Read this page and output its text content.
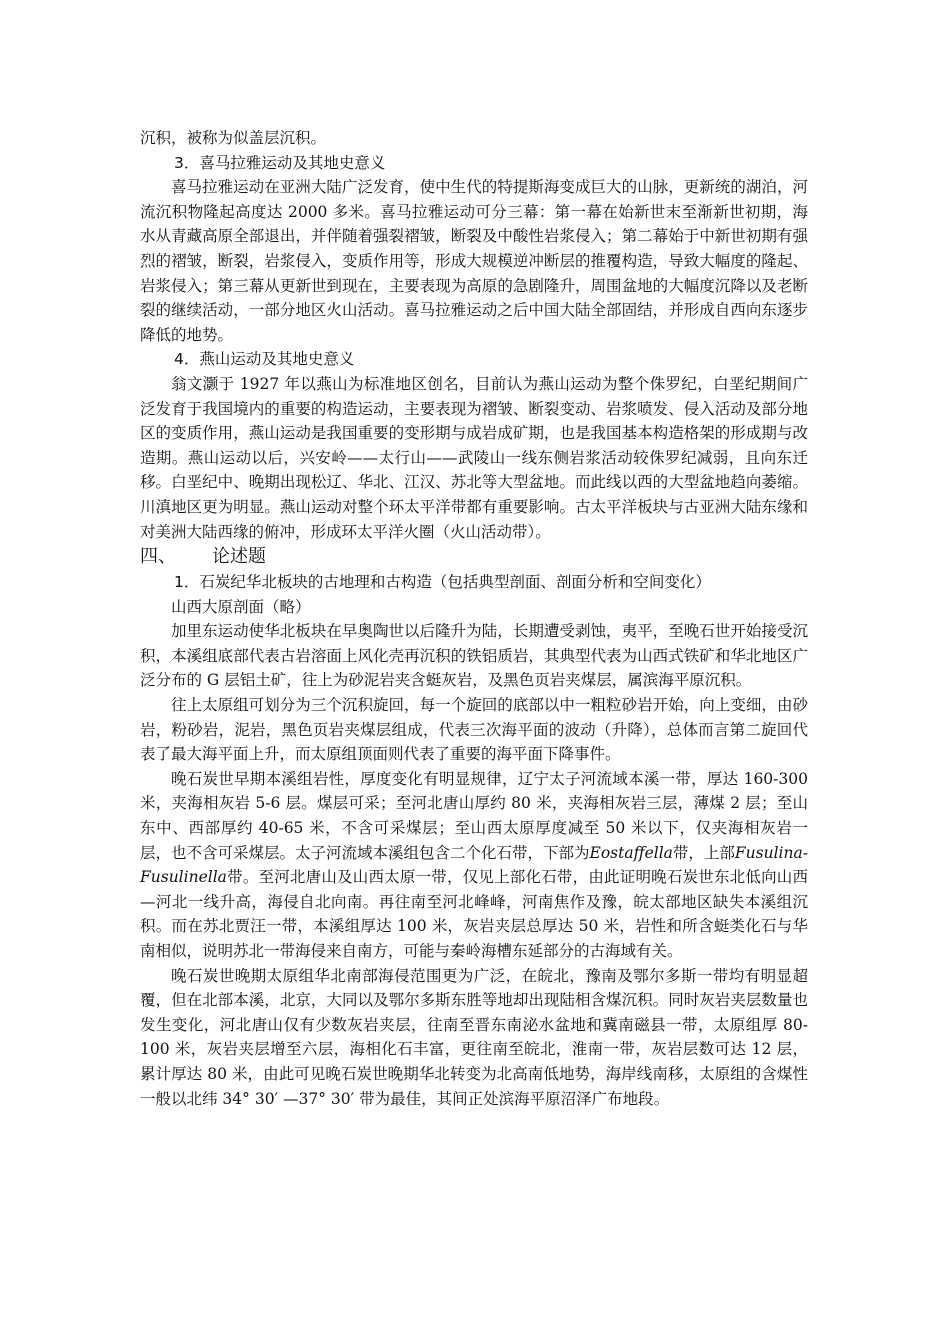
沉积，被称为似盖层沉积。

3．喜马拉雅运动及其地史意义

喜马拉雅运动在亚洲大陆广泛发育，使中生代的特提斯海变成巨大的山脉，更新统的湖泊，河流沉积物隆起高度达 2000 多米。喜马拉雅运动可分三幕：第一幕在始新世末至渐新世初期，海水从青藏高原全部退出，并伴随着强裂褶皱，断裂及中酸性岩浆侵入；第二幕始于中新世初期有强烈的褶皱，断裂，岩浆侵入，变质作用等，形成大规模逆冲断层的推覆构造，导致大幅度的隆起、岩浆侵入；第三幕从更新世到现在，主要表现为高原的急剧隆升，周围盆地的大幅度沉降以及老断裂的继续活动，一部分地区火山活动。喜马拉雅运动之后中国大陆全部固结，并形成自西向东逐步降低的地势。

4．燕山运动及其地史意义

翁文灏于 1927 年以燕山为标准地区创名，目前认为燕山运动为整个侏罗纪，白垩纪期间广泛发育于我国境内的重要的构造运动，主要表现为褶皱、断裂变动、岩浆喷发、侵入活动及部分地区的变质作用，燕山运动是我国重要的变形期与成岩成矿期，也是我国基本构造格架的形成期与改造期。燕山运动以后，兴安岭——太行山——武陵山一线东侧岩浆活动较侏罗纪减弱，且向东迁移。白垩纪中、晚期出现松辽、华北、江汉、苏北等大型盆地。而此线以西的大型盆地趋向萎缩。川滇地区更为明显。燕山运动对整个环太平洋带都有重要影响。古太平洋板块与古亚洲大陆东缘和对美洲大陆西缘的俯冲，形成环太平洋火圈（火山活动带）。

四、 论述题

1．石炭纪华北板块的古地理和古构造（包括典型剖面、剖面分析和空间变化）

山西大原剖面（略）

加里东运动使华北板块在早奥陶世以后隆升为陆，长期遭受剥蚀，夷平，至晚石世开始接受沉积，本溪组底部代表古岩溶面上风化壳再沉积的铁铝质岩，其典型代表为山西式铁矿和华北地区广泛分布的 G 层铝土矿，往上为砂泥岩夹含蜓灰岩，及黑色页岩夹煤层，属滨海平原沉积。

往上太原组可划分为三个沉积旋回，每一个旋回的底部以中一粗粒砂岩开始，向上变细，由砂岩，粉砂岩，泥岩，黑色页岩夹煤层组成，代表三次海平面的波动（升降），总体而言第二旋回代表了最大海平面上升，而太原组顶面则代表了重要的海平面下降事件。

晚石炭世早期本溪组岩性，厚度变化有明显规律，辽宁太子河流域本溪一带，厚达 160-300 米，夹海相灰岩 5-6 层。煤层可采；至河北唐山厚约 80 米，夹海相灰岩三层，薄煤 2 层；至山东中、西部厚约 40-65 米，不含可采煤层；至山西太原厚度减至 50 米以下，仅夹海相灰岩一层，也不含可采煤层。太子河流域本溪组包含二个化石带，下部为Eostaffella带，上部Fusulina-Fusulinella带。至河北唐山及山西太原一带，仅见上部化石带，由此证明晚石炭世东北低向山西—河北一线升高，海侵自北向南。再往南至河北峰峰，河南焦作及豫，皖太部地区缺失本溪组沉积。而在苏北贾汪一带，本溪组厚达 100 米，灰岩夹层总厚达 50 米，岩性和所含蜓类化石与华南相似，说明苏北一带海侵来自南方，可能与秦岭海槽东延部分的古海域有关。

晚石炭世晚期太原组华北南部海侵范围更为广泛，在皖北，豫南及鄂尔多斯一带均有明显超覆，但在北部本溪，北京，大同以及鄂尔多斯东胜等地却出现陆相含煤沉积。同时灰岩夹层数量也发生变化，河北唐山仅有少数灰岩夹层，往南至晋东南泌水盆地和冀南磁县一带，太原组厚 80-100 米，灰岩夹层增至六层，海相化石丰富，更往南至皖北，淮南一带，灰岩层数可达 12 层，累计厚达 80 米，由此可见晚石炭世晚期华北转变为北高南低地势，海岸线南移，太原组的含煤性一般以北纬 34° 30′ —37° 30′ 带为最佳，其间正处滨海平原沼泽广布地段。
